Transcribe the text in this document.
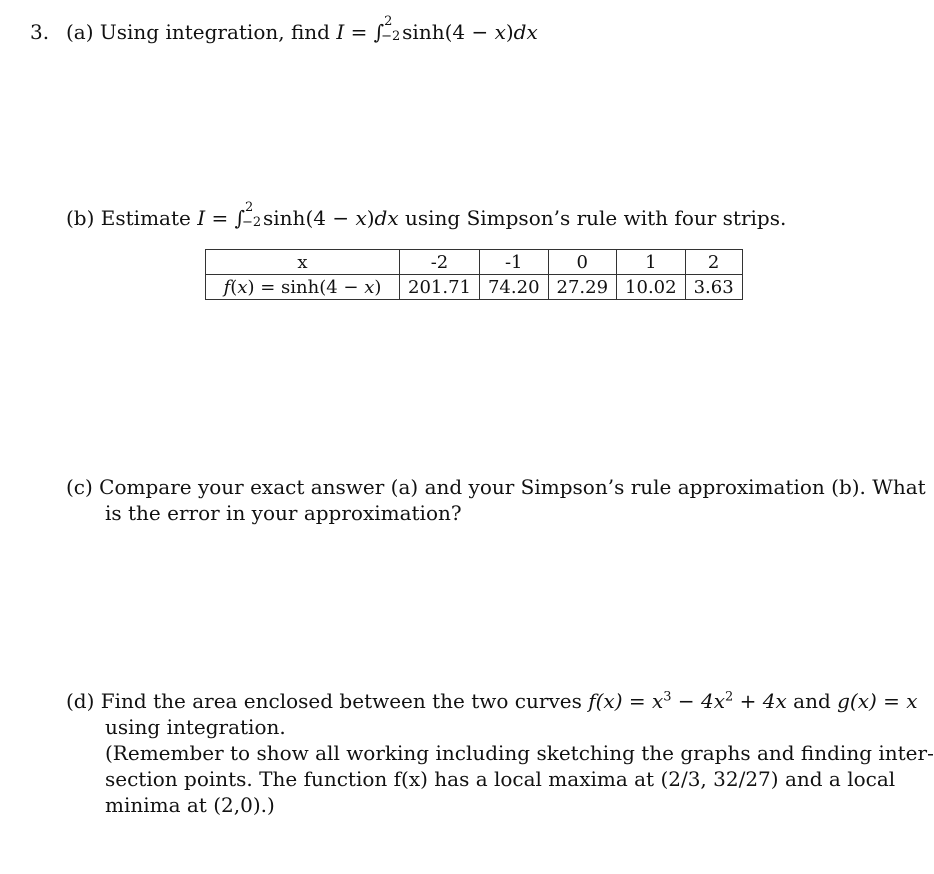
3. (a) Using integration, find I = ∫ 2
−2 sinh(4 − x)dx
(b) Estimate I = ∫ 2
−2 sinh(4 − x)dx using Simpson’s rule with four strips.
x	-2	-1	0	1	2
f(x) = sinh(4 − x)	201.71	74.20	27.29	10.02	3.63
(c) Compare your exact answer (a) and your Simpson’s rule approximation (b). What
is the error in your approximation?
(d) Find the area enclosed between the two curves $f(x) = x^3 - 4x^2 + 4x$ and g(x) = x
using integration.
(Remember to show all working including sketching the graphs and finding inter-
section points. The function f(x) has a local maxima at (2/3, 32/27) and a local
minima at (2,0).)
